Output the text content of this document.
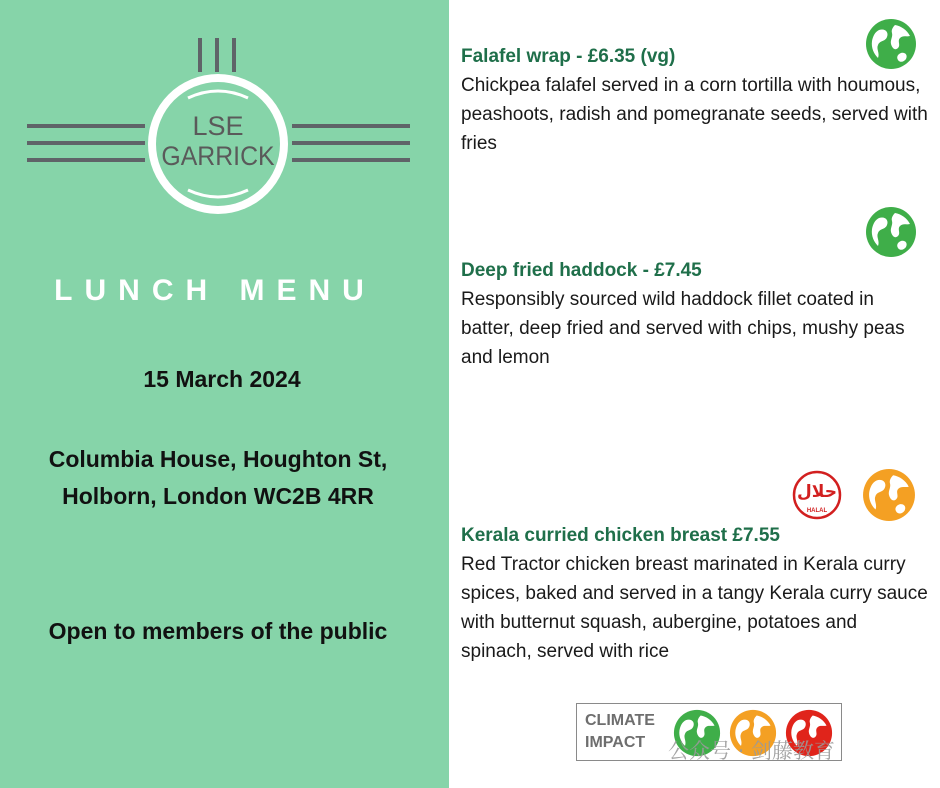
LSE
GARRICK
LUNCH MENU
15 March 2024
Columbia House, Houghton St,
Holborn, London WC2B 4RR
Open to members of the public
Falafel wrap - £6.35 (vg)
Chickpea falafel served in a corn tortilla with houmous, peashoots, radish and pomegranate seeds, served with fries
Deep fried haddock - £7.45
Responsibly sourced wild haddock fillet coated in batter, deep fried and served with chips, mushy peas and lemon
Kerala curried chicken breast £7.55
Red Tractor chicken breast marinated in Kerala curry spices, baked and served in a tangy Kerala curry sauce with butternut squash, aubergine, potatoes and spinach, served with rice
حلال
HALAL
CLIMATE
IMPACT	公众号 · 剑藤教育
